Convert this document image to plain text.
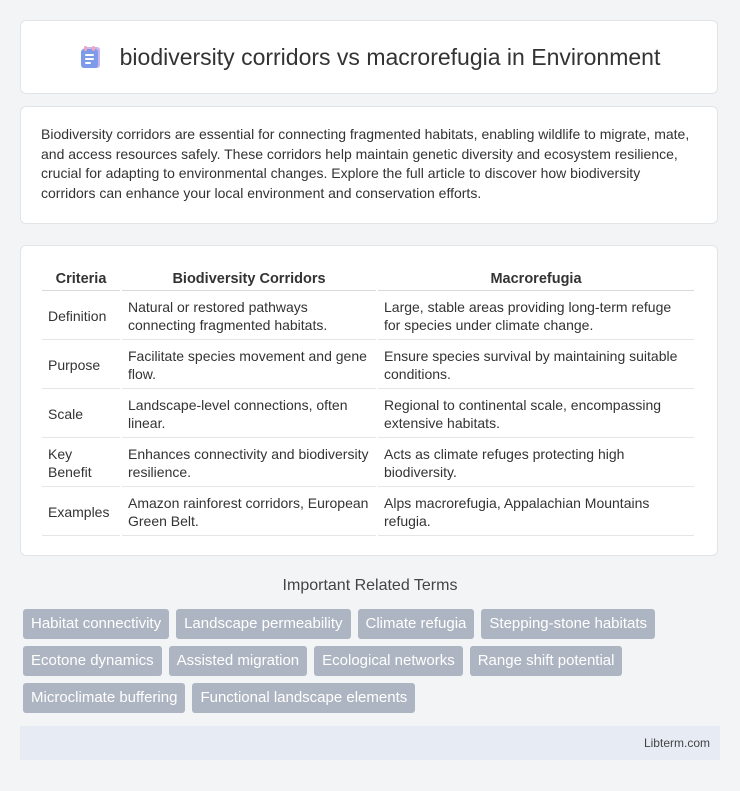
biodiversity corridors vs macrorefugia in Environment

Biodiversity corridors are essential for connecting fragmented habitats, enabling wildlife to migrate, mate, and access resources safely. These corridors help maintain genetic diversity and ecosystem resilience, crucial for adapting to environmental changes. Explore the full article to discover how biodiversity corridors can enhance your local environment and conservation efforts.

Criteria	Biodiversity Corridors	Macrorefugia
Definition	Natural or restored pathways connecting fragmented habitats.	Large, stable areas providing long-term refuge for species under climate change.
Purpose	Facilitate species movement and gene flow.	Ensure species survival by maintaining suitable conditions.
Scale	Landscape-level connections, often linear.	Regional to continental scale, encompassing extensive habitats.
Key Benefit	Enhances connectivity and biodiversity resilience.	Acts as climate refuges protecting high biodiversity.
Examples	Amazon rainforest corridors, European Green Belt.	Alps macrorefugia, Appalachian Mountains refugia.
Important Related Terms
Habitat connectivity	Landscape permeability	Climate refugia	Stepping-stone habitats
Ecotone dynamics	Assisted migration	Ecological networks	Range shift potential
Microclimate buffering	Functional landscape elements
Libterm.com
